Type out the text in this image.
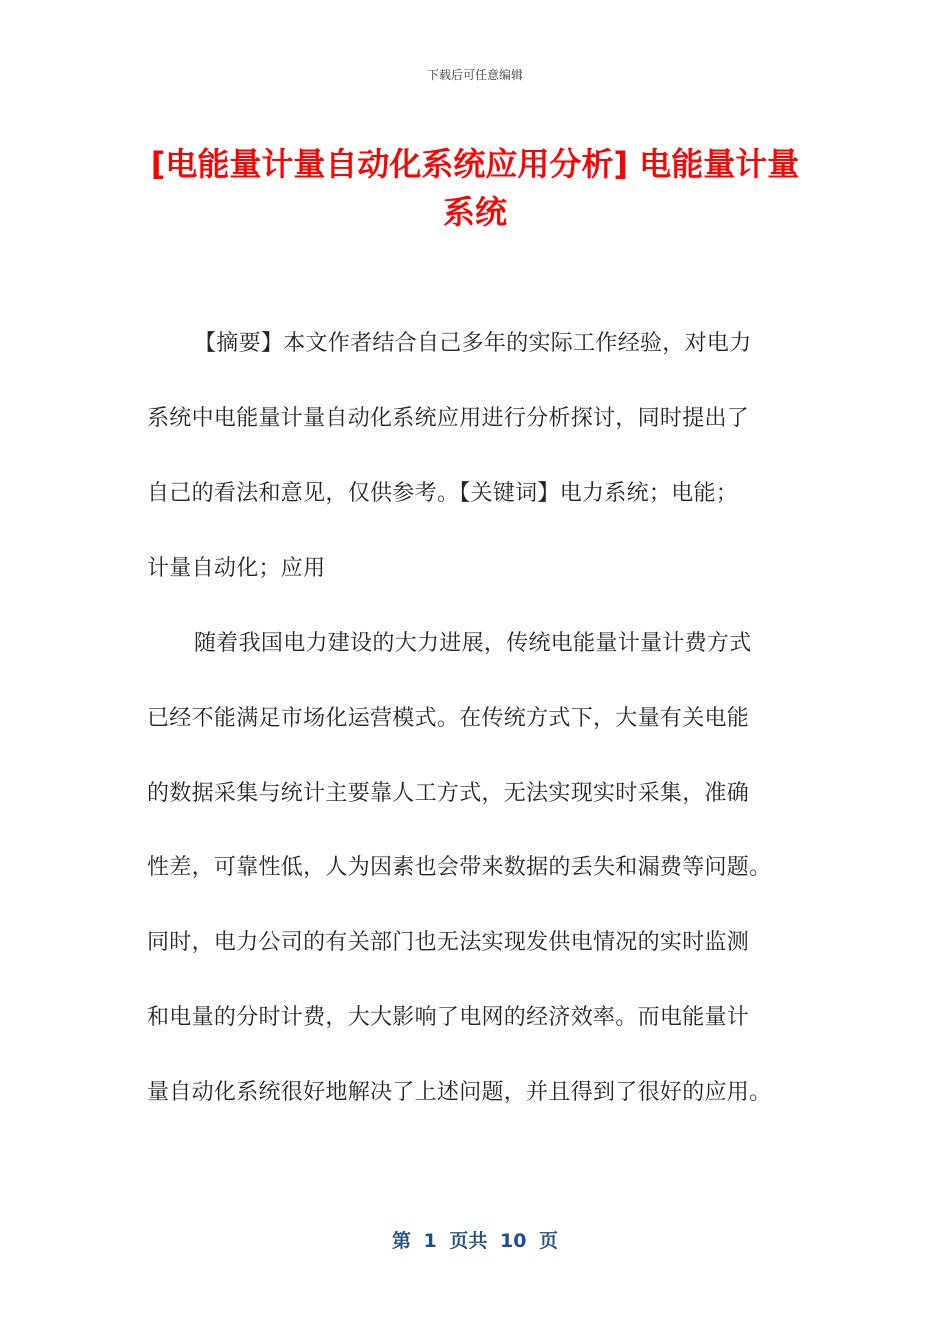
下载后可任意编辑
[电能量计量自动化系统应用分析] 电能量计量系统
【摘要】本文作者结合自己多年的实际工作经验，对电力
系统中电能量计量自动化系统应用进行分析探讨，同时提出了
自己的看法和意见，仅供参考。【关键词】电力系统；电能；
计量自动化；应用
随着我国电力建设的大力进展，传统电能量计量计费方式
已经不能满足市场化运营模式。在传统方式下，大量有关电能
的数据采集与统计主要靠人工方式，无法实现实时采集，准确
性差，可靠性低，人为因素也会带来数据的丢失和漏费等问题。
同时，电力公司的有关部门也无法实现发供电情况的实时监测
和电量的分时计费，大大影响了电网的经济效率。而电能量计
量自动化系统很好地解决了上述问题，并且得到了很好的应用。
第 1 页共 10 页
